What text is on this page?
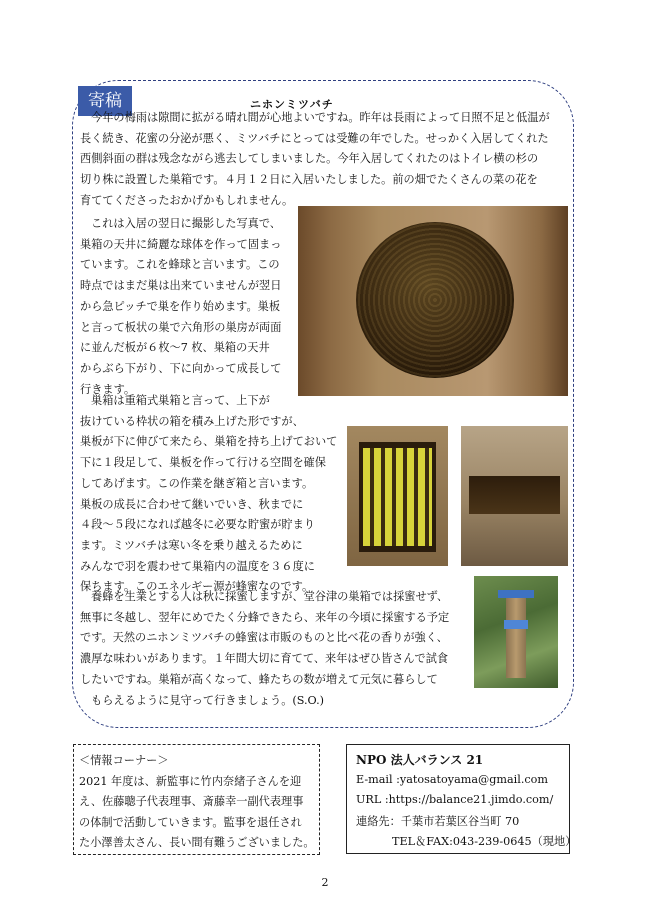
寄稿	ニホンミツバチ

今年の梅雨は隙間に拡がる晴れ間が心地よいですね。昨年は長雨によって日照不足と低温が
長く続き、花蜜の分泌が悪く、ミツバチにとっては受難の年でした。せっかく入居してくれた
西側斜面の群は残念ながら逃去してしまいました。今年入居してくれたのはトイレ横の杉の
切り株に設置した巣箱です。４月１２日に入居いたしました。前の畑でたくさんの菜の花を
育ててくださったおかげかもしれません。

これは入居の翌日に撮影した写真で、
巣箱の天井に綺麗な球体を作って固まっ
ています。これを蜂球と言います。この
時点ではまだ巣は出来ていませんが翌日
から急ピッチで巣を作り始めます。巣板
と言って板状の巣で六角形の巣房が両面
に並んだ板が６枚〜7 枚、巣箱の天井
からぶら下がり、下に向かって成長して
行きます。

巣箱は重箱式巣箱と言って、上下が
抜けている枠状の箱を積み上げた形ですが、
巣板が下に伸びて来たら、巣箱を持ち上げておいて
下に１段足して、巣板を作って行ける空間を確保
してあげます。この作業を継ぎ箱と言います。
巣板の成長に合わせて継いでいき、秋までに
４段〜５段になれば越冬に必要な貯蜜が貯まり
ます。ミツバチは寒い冬を乗り越えるために
みんなで羽を震わせて巣箱内の温度を３６度に
保ちます。このエネルギー源が蜂蜜なのです。

養蜂を生業とする人は秋に採蜜しますが、堂谷津の巣箱では採蜜せず、
無事に冬越し、翌年にめでたく分蜂できたら、来年の今頃に採蜜する予定
です。天然のニホンミツバチの蜂蜜は市販のものと比べ花の香りが強く、
濃厚な味わいがあります。１年間大切に育てて、来年はぜひ皆さんで試食
したいですね。巣箱が高くなって、蜂たちの数が増えて元気に暮らして
もらえるように見守って行きましょう。(S.O.)

＜情報コーナー＞
2021 年度は、新監事に竹内奈緒子さんを迎
え、佐藤聰子代表理事、斎藤幸一副代表理事
の体制で活動していきます。監事を退任され
た小澤善太さん、長い間有難うございました。

NPO 法人バランス 21

E-mail :yatosatoyama@gmail.com

URL :https://balance21.jimdo.com/

連絡先：千葉市若葉区谷当町 70

TEL＆FAX:043-239-0645（現地）

2
